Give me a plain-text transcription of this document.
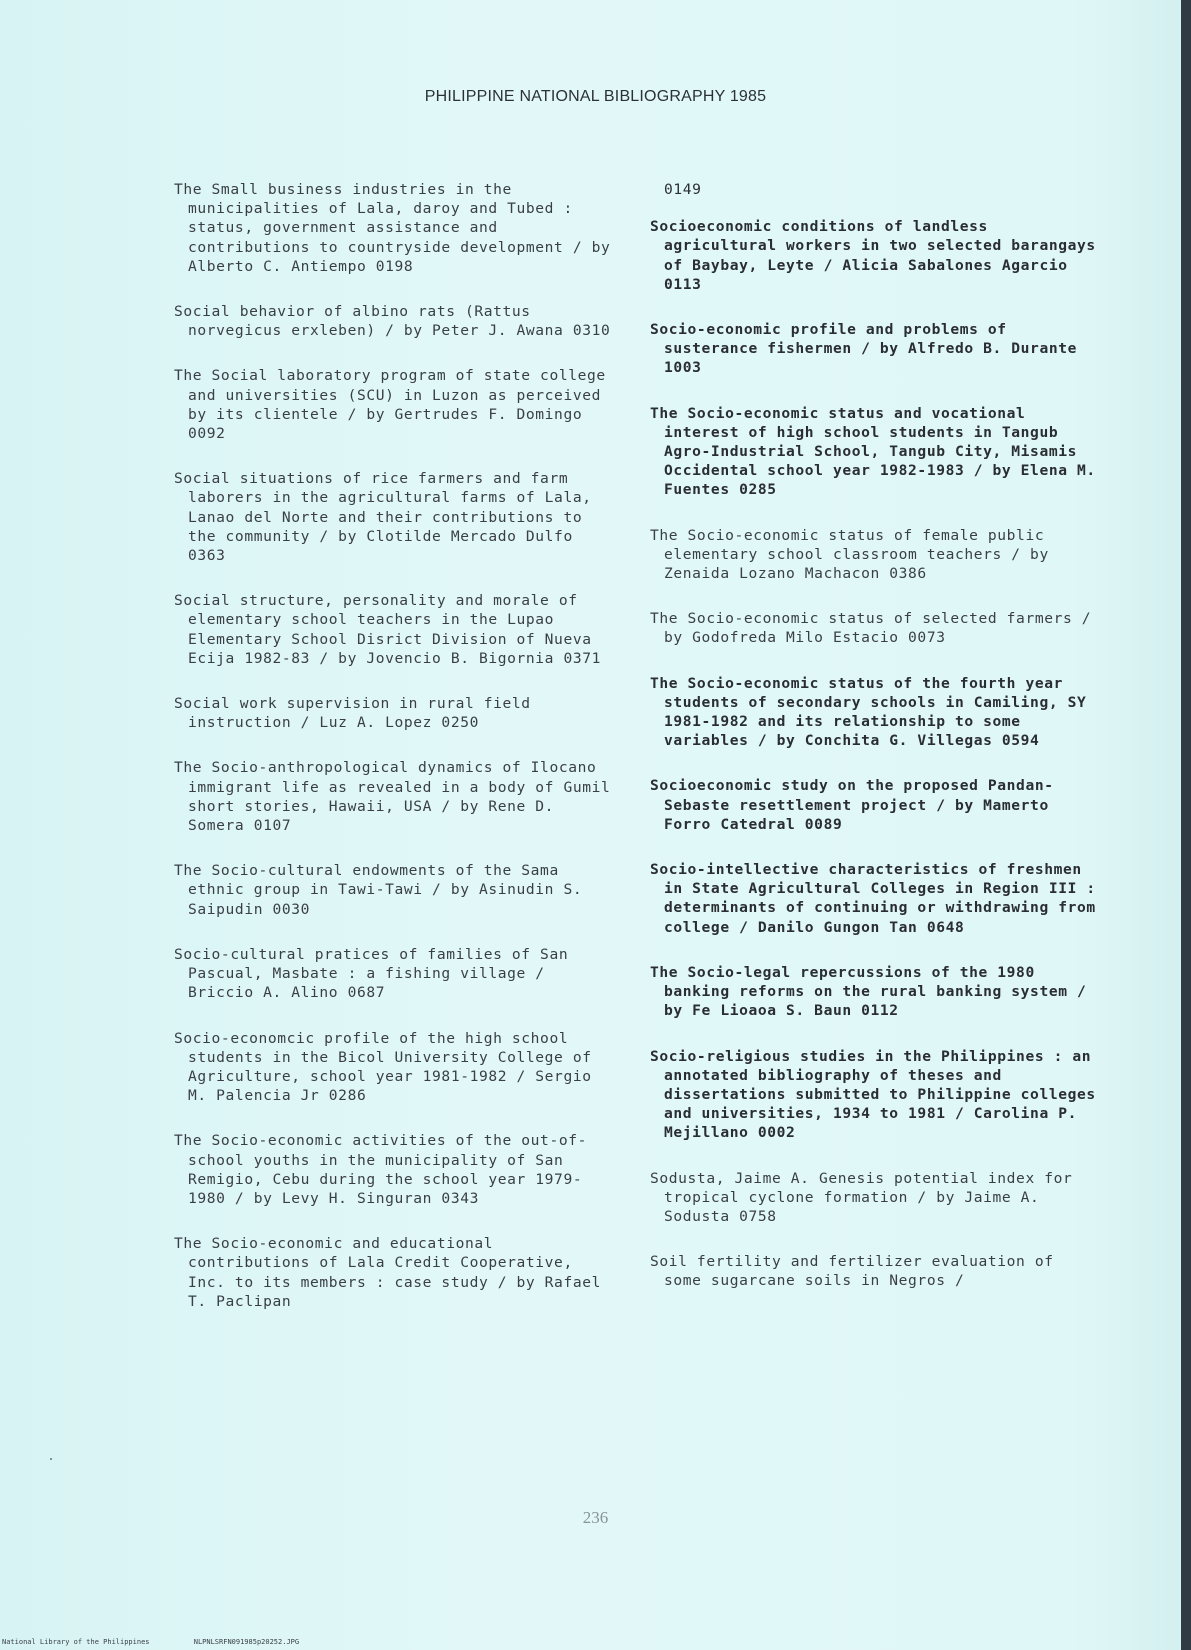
PHILIPPINE NATIONAL BIBLIOGRAPHY 1985
The Small business industries in the municipalities of Lala, daroy and Tubed : status, government assistance and contributions to countryside development / by Alberto C. Antiempo 0198
Social behavior of albino rats (Rattus norvegicus erxleben) / by Peter J. Awana 0310
The Social laboratory program of state college and universities (SCU) in Luzon as perceived by its clientele / by Gertrudes F. Domingo 0092
Social situations of rice farmers and farm laborers in the agricultural farms of Lala, Lanao del Norte and their contributions to the community / by Clotilde Mercado Dulfo 0363
Social structure, personality and morale of elementary school teachers in the Lupao Elementary School Disrict Division of Nueva Ecija 1982-83 / by Jovencio B. Bigornia 0371
Social work supervision in rural field instruction / Luz A. Lopez 0250
The Socio-anthropological dynamics of Ilocano immigrant life as revealed in a body of Gumil short stories, Hawaii, USA / by Rene D. Somera 0107
The Socio-cultural endowments of the Sama ethnic group in Tawi-Tawi / by Asinudin S. Saipudin 0030
Socio-cultural pratices of families of San Pascual, Masbate : a fishing village / Briccio A. Alino 0687
Socio-economcic profile of the high school students in the Bicol University College of Agriculture, school year 1981-1982 / Sergio M. Palencia Jr 0286
The Socio-economic activities of the out-of-school youths in the municipality of San Remigio, Cebu during the school year 1979-1980 / by Levy H. Singuran 0343
The Socio-economic and educational contributions of Lala Credit Cooperative, Inc. to its members : case study / by Rafael T. Paclipan
0149
Socioeconomic conditions of landless agricultural workers in two selected barangays of Baybay, Leyte / Alicia Sabalones Agarcio 0113
Socio-economic profile and problems of susterance fishermen / by Alfredo B. Durante 1003
The Socio-economic status and vocational interest of high school students in Tangub Agro-Industrial School, Tangub City, Misamis Occidental school year 1982-1983 / by Elena M. Fuentes 0285
The Socio-economic status of female public elementary school classroom teachers / by Zenaida Lozano Machacon 0386
The Socio-economic status of selected farmers / by Godofreda Milo Estacio 0073
The Socio-economic status of the fourth year students of secondary schools in Camiling, SY 1981-1982 and its relationship to some variables / by Conchita G. Villegas 0594
Socioeconomic study on the proposed Pandan-Sebaste resettlement project / by Mamerto Forro Catedral 0089
Socio-intellective characteristics of freshmen in State Agricultural Colleges in Region III : determinants of continuing or withdrawing from college / Danilo Gungon Tan 0648
The Socio-legal repercussions of the 1980 banking reforms on the rural banking system / by Fe Lioaoa S. Baun 0112
Socio-religious studies in the Philippines : an annotated bibliography of theses and dissertations submitted to Philippine colleges and universities, 1934 to 1981 / Carolina P. Mejillano 0002
Sodusta, Jaime A. Genesis potential index for tropical cyclone formation / by Jaime A. Sodusta 0758
Soil fertility and fertilizer evaluation of some sugarcane soils in Negros /
236
National Library of the Philippines	NLPNLSRFN091985p20252.JPG
